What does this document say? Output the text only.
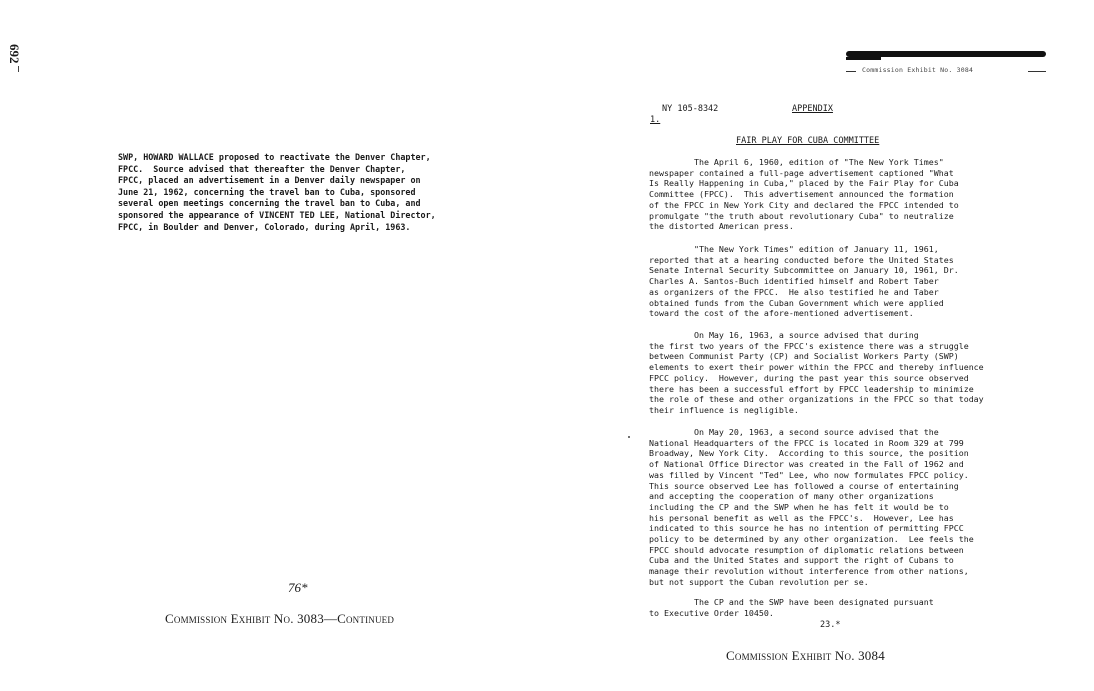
692
SWP, HOWARD WALLACE proposed to reactivate the Denver Chapter,
FPCC.  Source advised that thereafter the Denver Chapter,
FPCC, placed an advertisement in a Denver daily newspaper on
June 21, 1962, concerning the travel ban to Cuba, sponsored
several open meetings concerning the travel ban to Cuba, and
sponsored the appearance of VINCENT TED LEE, National Director,
FPCC, in Boulder and Denver, Colorado, during April, 1963.
76*
Commission Exhibit No. 3083—Continued
Commission Exhibit No. 3084
NY 105-8342	APPENDIX
1.
FAIR PLAY FOR CUBA COMMITTEE
The April 6, 1960, edition of "The New York Times"
newspaper contained a full-page advertisement captioned "What
Is Really Happening in Cuba," placed by the Fair Play for Cuba
Committee (FPCC).  This advertisement announced the formation
of the FPCC in New York City and declared the FPCC intended to
promulgate "the truth about revolutionary Cuba" to neutralize
the distorted American press.
"The New York Times" edition of January 11, 1961,
reported that at a hearing conducted before the United States
Senate Internal Security Subcommittee on January 10, 1961, Dr.
Charles A. Santos-Buch identified himself and Robert Taber
as organizers of the FPCC.  He also testified he and Taber
obtained funds from the Cuban Government which were applied
toward the cost of the afore-mentioned advertisement.
On May 16, 1963, a source advised that during
the first two years of the FPCC's existence there was a struggle
between Communist Party (CP) and Socialist Workers Party (SWP)
elements to exert their power within the FPCC and thereby influence
FPCC policy.  However, during the past year this source observed
there has been a successful effort by FPCC leadership to minimize
the role of these and other organizations in the FPCC so that today
their influence is negligible.
On May 20, 1963, a second source advised that the
National Headquarters of the FPCC is located in Room 329 at 799
Broadway, New York City.  According to this source, the position
of National Office Director was created in the Fall of 1962 and
was filled by Vincent "Ted" Lee, who now formulates FPCC policy.
This source observed Lee has followed a course of entertaining
and accepting the cooperation of many other organizations
including the CP and the SWP when he has felt it would be to
his personal benefit as well as the FPCC's.  However, Lee has
indicated to this source he has no intention of permitting FPCC
policy to be determined by any other organization.  Lee feels the
FPCC should advocate resumption of diplomatic relations between
Cuba and the United States and support the right of Cubans to
manage their revolution without interference from other nations,
but not support the Cuban revolution per se.
The CP and the SWP have been designated pursuant
to Executive Order 10450.
23.*
Commission Exhibit No. 3084
